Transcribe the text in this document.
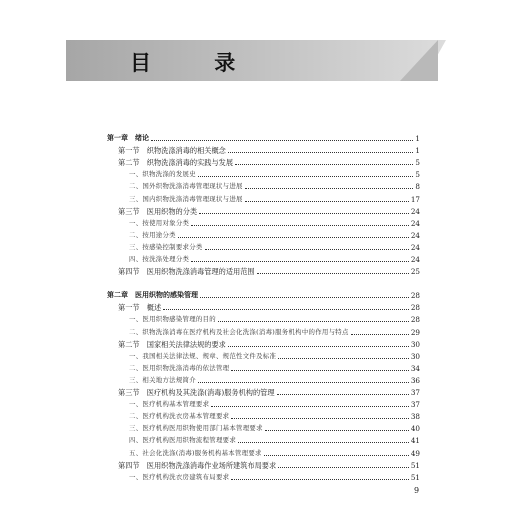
目 录
第一章　绪论	1
第一节　织物洗涤消毒的相关概念	1
第二节　织物洗涤消毒的实践与发展	5
一、织物洗涤的发展史	5
二、国外织物洗涤消毒管理现状与进展	8
三、国内织物洗涤消毒管理现状与进展	17
第三节　医用织物的分类	24
一、按使用对象分类	24
二、按用途分类	24
三、按感染控制要求分类	24
四、按洗涤处理分类	24
第四节　医用织物洗涤消毒管理的适用范围	25
第二章　医用织物的感染管理	28
第一节　概述	28
一、医用织物感染管理的目的	28
二、织物洗涤消毒在医疗机构及社会化洗涤(消毒)服务机构中的作用与特点	29
第二节　国家相关法律法规的要求	30
一、我国相关法律法规、规章、规范性文件及标准	30
二、医用织物洗涤消毒的依法管理	34
三、相关地方法规简介	36
第三节　医疗机构及其洗涤(消毒)服务机构的管理	37
一、医疗机构基本管理要求	37
二、医疗机构洗衣房基本管理要求	38
三、医疗机构医用织物使用部门基本管理要求	40
四、医疗机构医用织物流程管理要求	41
五、社会化洗涤(消毒)服务机构基本管理要求	49
第四节　医用织物洗涤消毒作业场所建筑布局要求	51
一、医疗机构洗衣房建筑布局要求	51
9
